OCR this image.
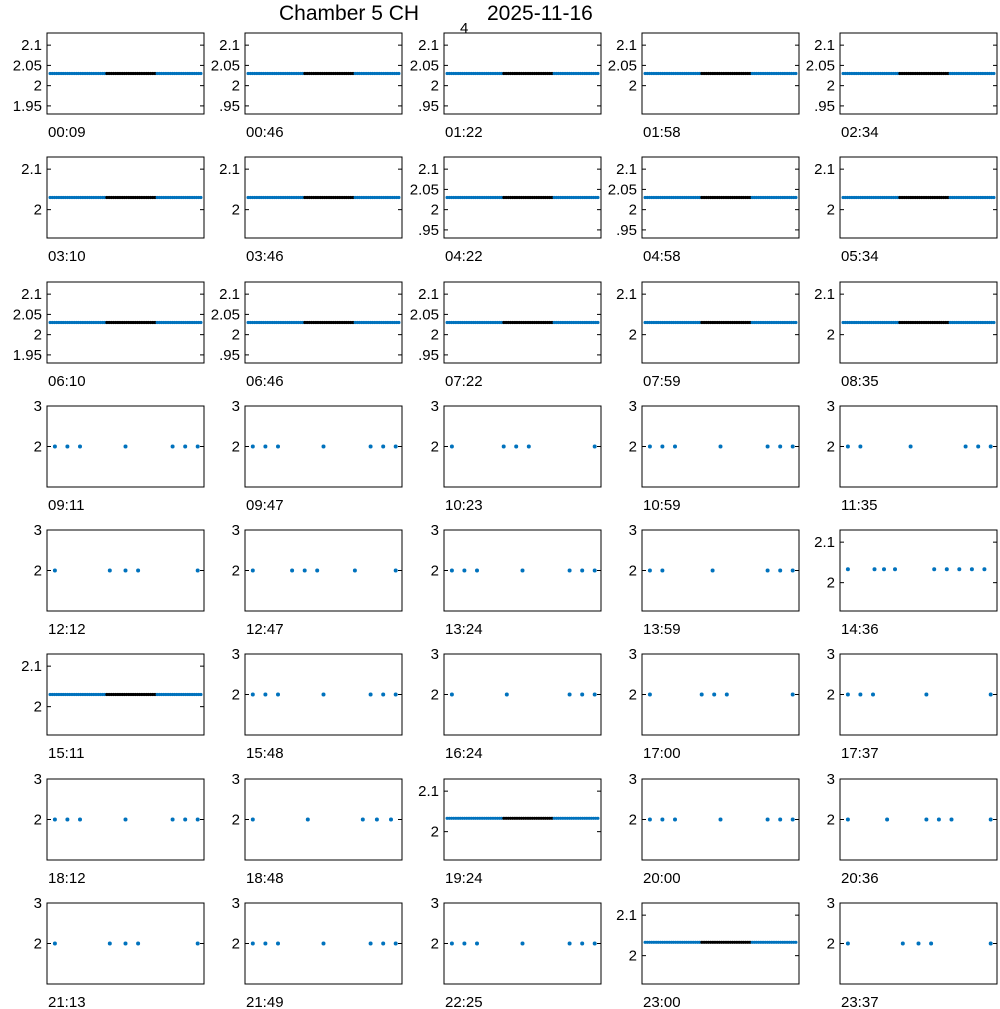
Chamber 5 CH
4
2025-11-16
2.1
2.05
2
1.95
00:09
2.1
2.05
2
.95
00:46
2.1
2.05
2
.95
01:22
2.1
2.05
2
01:58
2.1
2.05
2
.95
02:34
2.1
2
03:10
2.1
2
03:46
2.1
2.05
2
.95
04:22
2.1
2.05
2
.95
04:58
2.1
2
05:34
2.1
2.05
2
1.95
06:10
2.1
2.05
2
.95
06:46
2.1
2.05
2
.95
07:22
2.1
2
07:59
2.1
2
08:35
3
2
09:11
3
2
09:47
3
2
10:23
3
2
10:59
3
2
11:35
3
2
12:12
3
2
12:47
3
2
13:24
3
2
13:59
2.1
2
14:36
2.1
2
15:11
3
2
15:48
3
2
16:24
3
2
17:00
3
2
17:37
3
2
18:12
3
2
18:48
2.1
2
19:24
3
2
20:00
3
2
20:36
3
2
21:13
3
2
21:49
3
2
22:25
2.1
2
23:00
3
2
23:37
